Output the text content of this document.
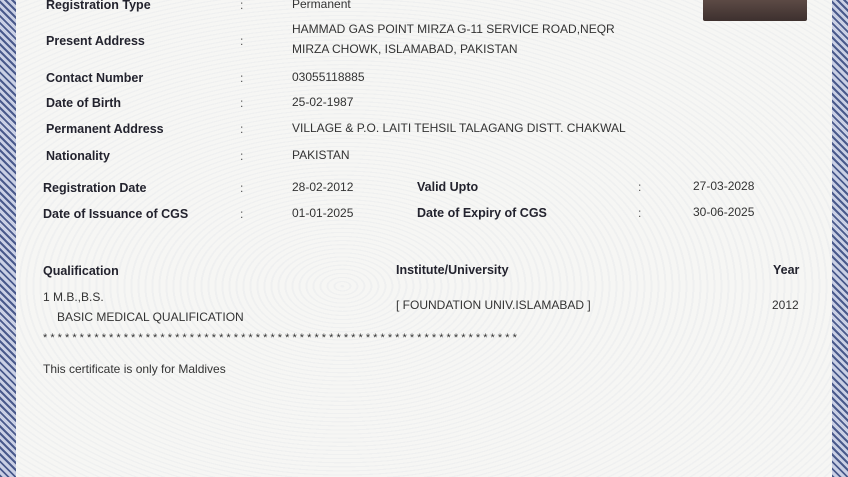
Registration Type	:	Permanent
Present Address	:
HAMMAD GAS POINT MIRZA G-11 SERVICE ROAD,NEQR
MIRZA CHOWK, ISLAMABAD, PAKISTAN
Contact Number	:	03055118885
Date of Birth	:	25-02-1987
Permanent Address	:	VILLAGE & P.O. LAITI TEHSIL TALAGANG DISTT. CHAKWAL
Nationality	:	PAKISTAN
Registration Date	:	28-02-2012	Valid Upto	:	27-03-2028
Date of Issuance of CGS	:	01-01-2025	Date of Expiry of CGS	:	30-06-2025
Qualification	Institute/University	Year
1 M.B.,B.S.
BASIC MEDICAL QUALIFICATION
[ FOUNDATION UNIV.ISLAMABAD ]	2012
* * * * * * * * * * * * * * * * * * * * * * * * * * * * * * * * * * * * * * * * * * * * * * * * * * * * * * * * * * * * * * * * *
This certificate is only for Maldives
